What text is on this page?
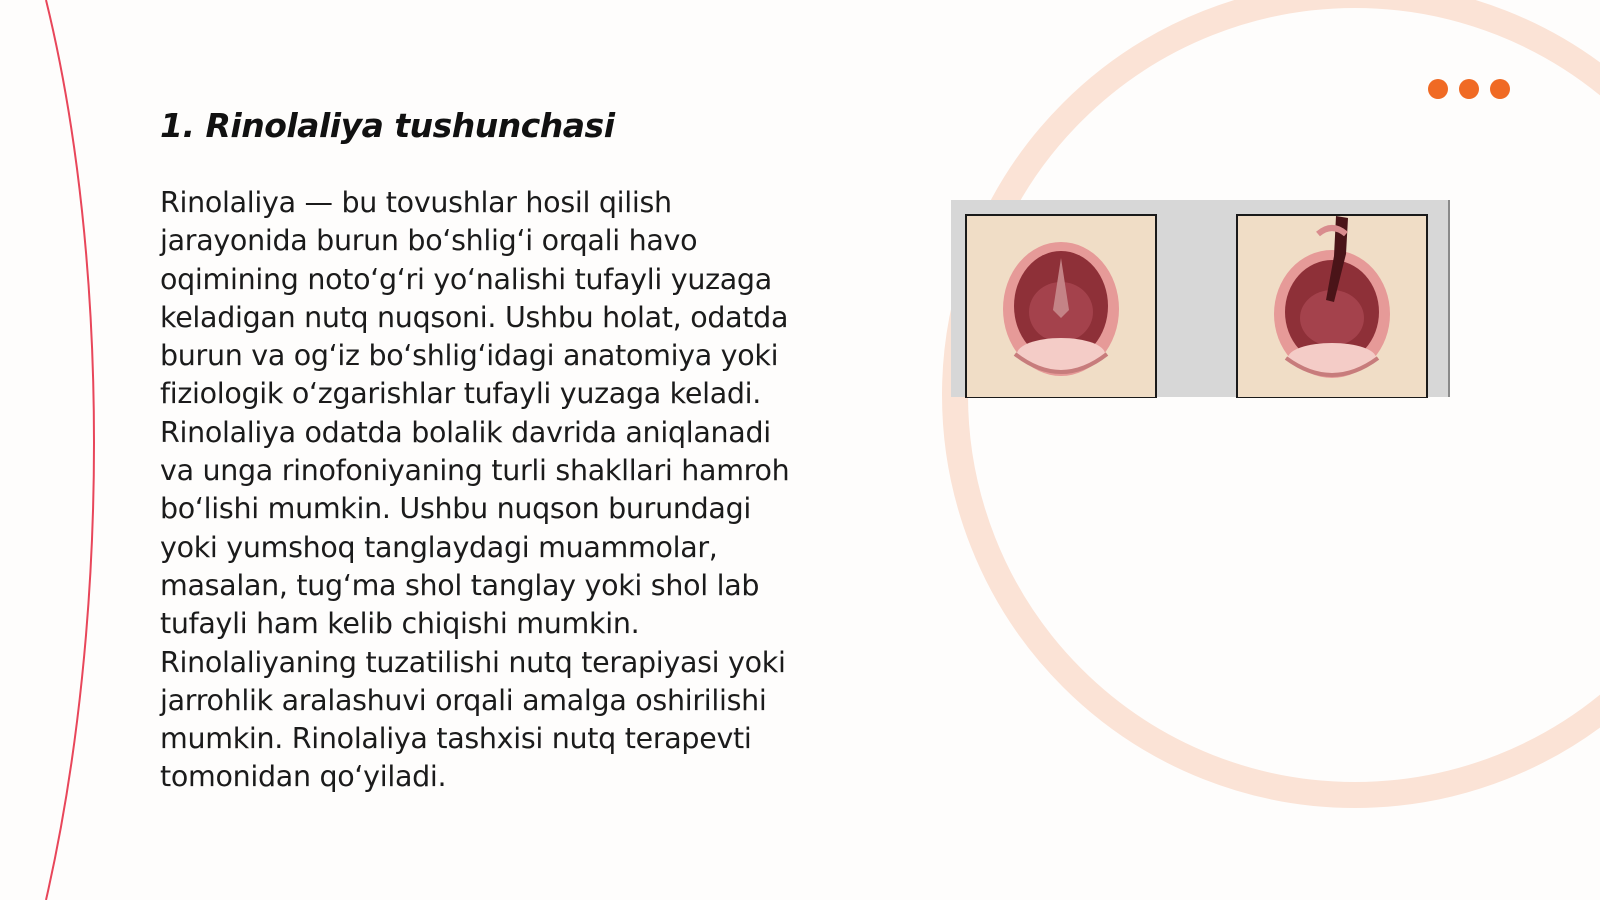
1. Rinolaliya tushunchasi
Rinolaliya — bu tovushlar hosil qilish
jarayonida burun bo‘shlig‘i orqali havo
oqimining noto‘g‘ri yo‘nalishi tufayli yuzaga
keladigan nutq nuqsoni. Ushbu holat, odatda
burun va og‘iz bo‘shlig‘idagi anatomiya yoki
fiziologik o‘zgarishlar tufayli yuzaga keladi.
Rinolaliya odatda bolalik davrida aniqlanadi
va unga rinofoniyaning turli shakllari hamroh
bo‘lishi mumkin. Ushbu nuqson burundagi
yoki yumshoq tanglaydagi muammolar,
masalan, tug‘ma shol tanglay yoki shol lab
tufayli ham kelib chiqishi mumkin.
Rinolaliyaning tuzatilishi nutq terapiyasi yoki
jarrohlik aralashuvi orqali amalga oshirilishi
mumkin. Rinolaliya tashxisi nutq terapevti
tomonidan qo‘yiladi.
